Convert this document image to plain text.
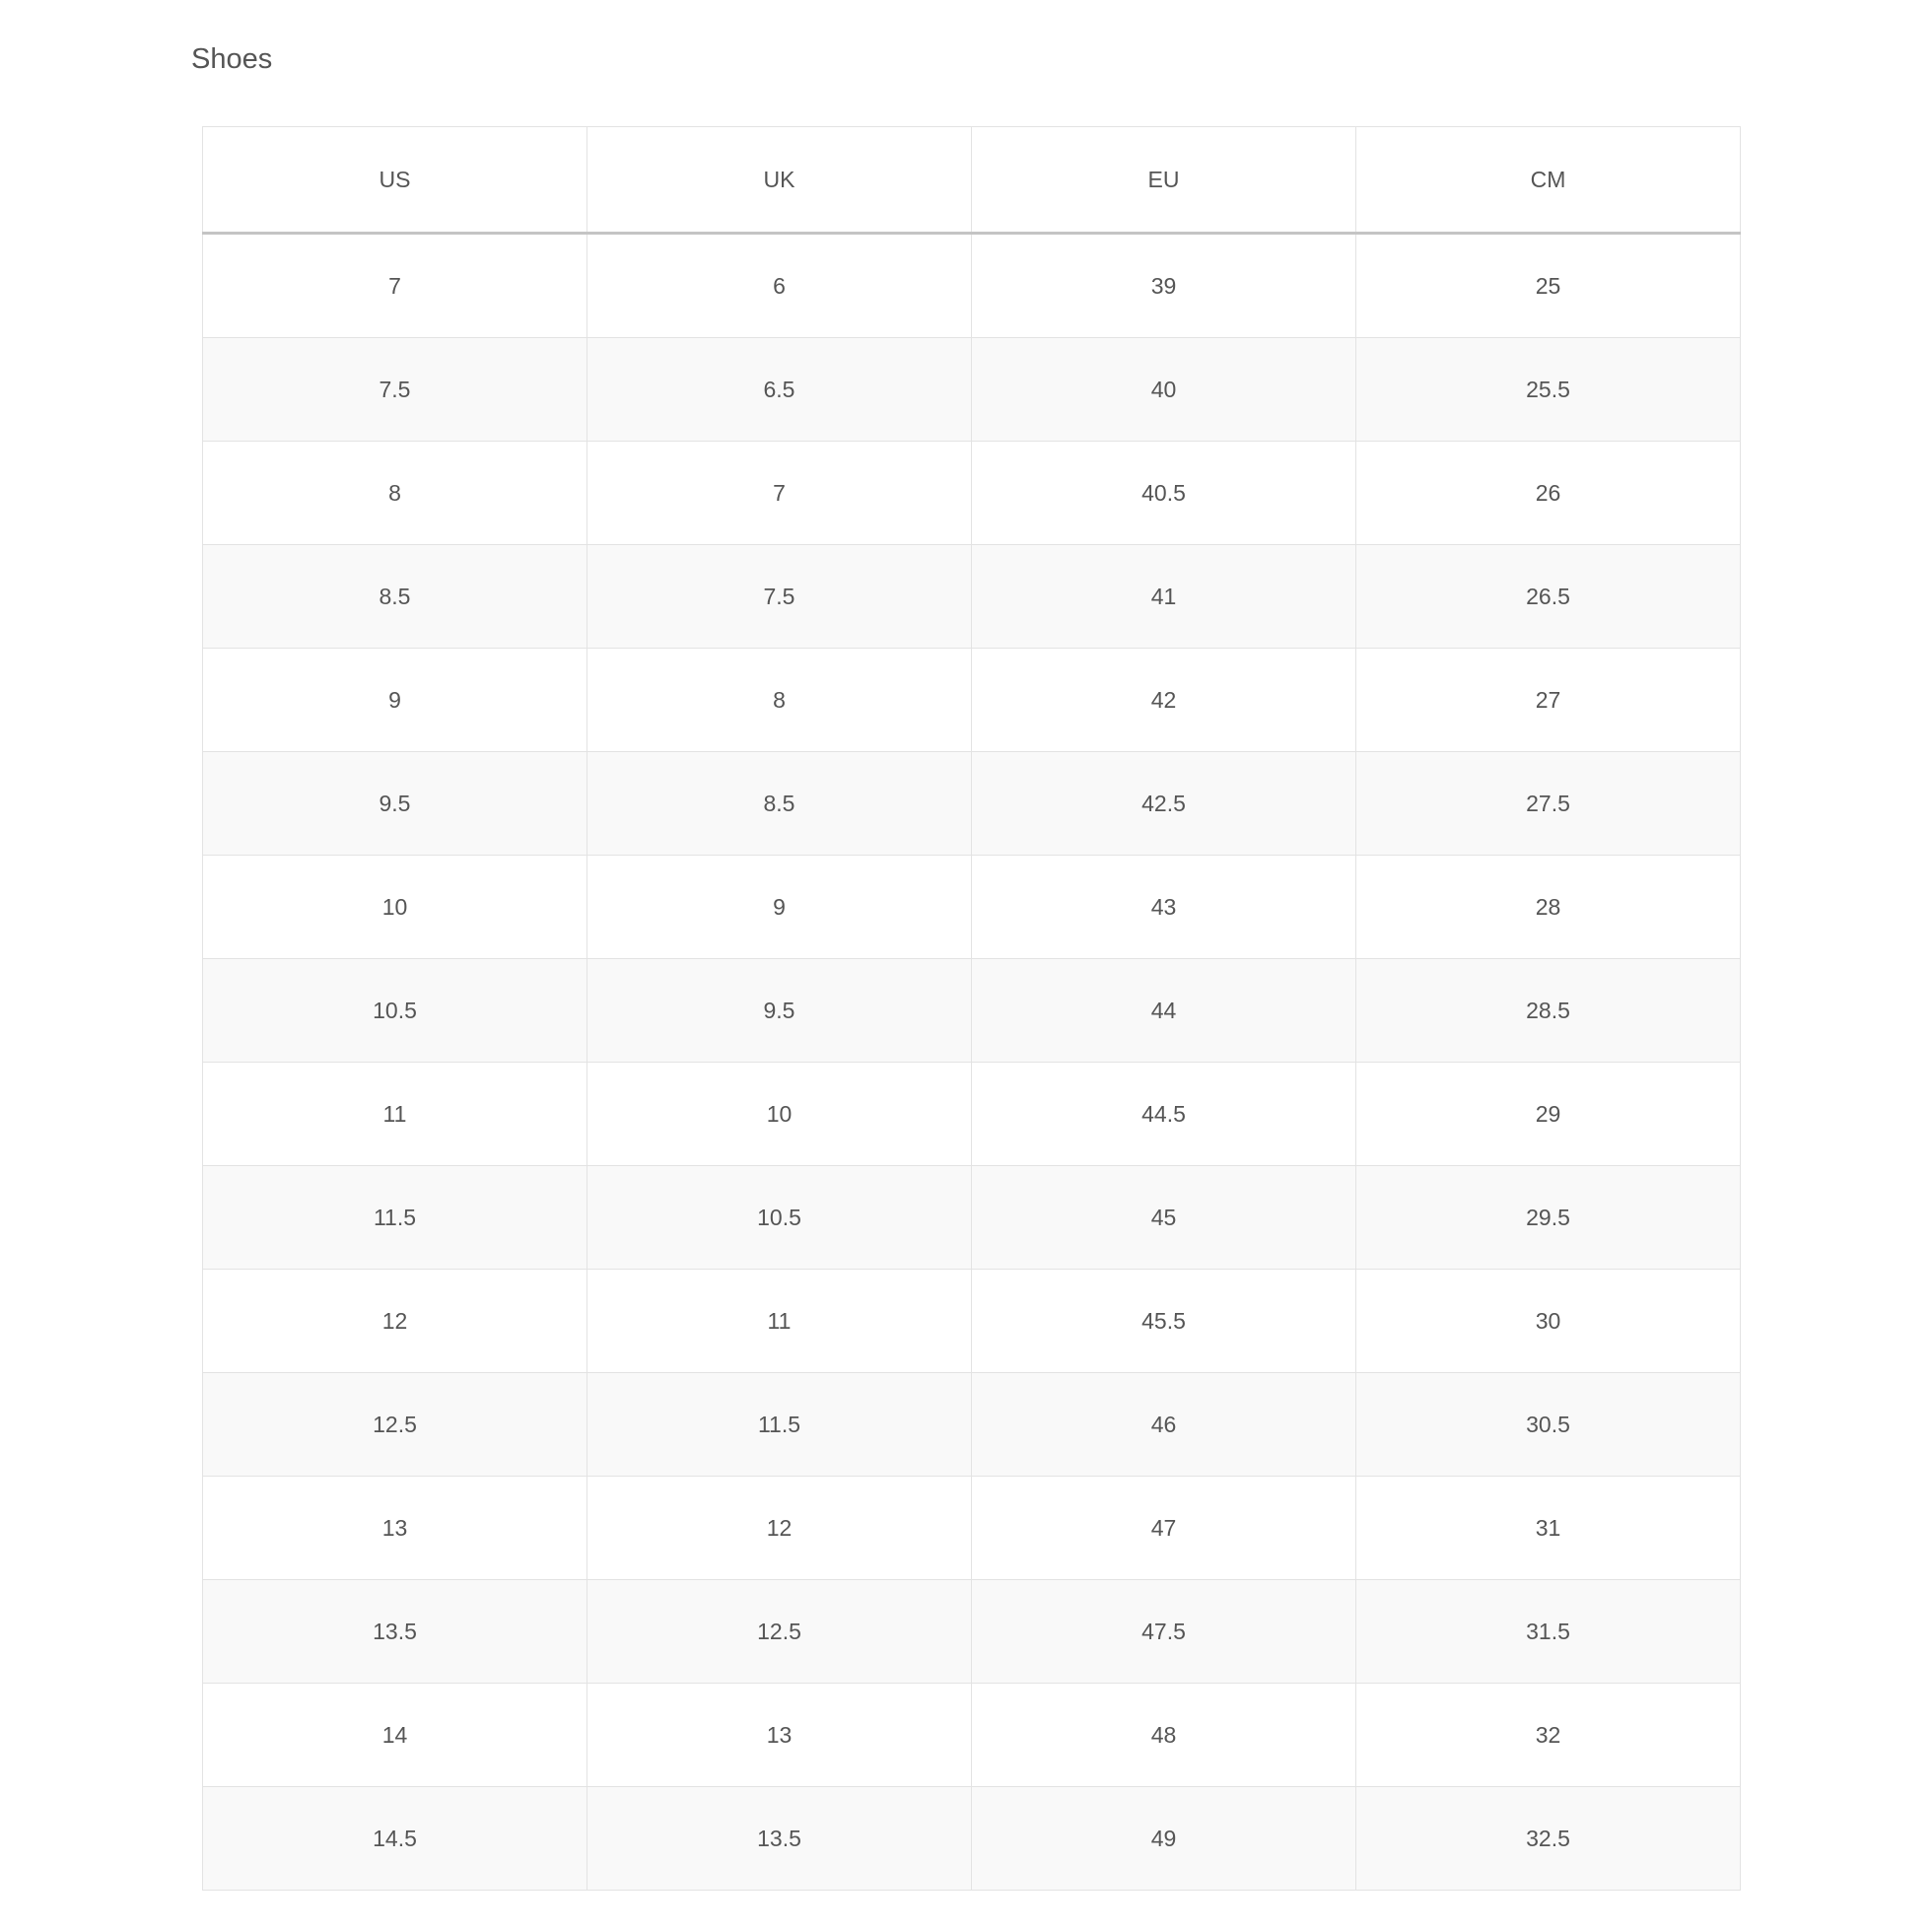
Shoes
US	UK	EU	CM
7	6	39	25
7.5	6.5	40	25.5
8	7	40.5	26
8.5	7.5	41	26.5
9	8	42	27
9.5	8.5	42.5	27.5
10	9	43	28
10.5	9.5	44	28.5
11	10	44.5	29
11.5	10.5	45	29.5
12	11	45.5	30
12.5	11.5	46	30.5
13	12	47	31
13.5	12.5	47.5	31.5
14	13	48	32
14.5	13.5	49	32.5
